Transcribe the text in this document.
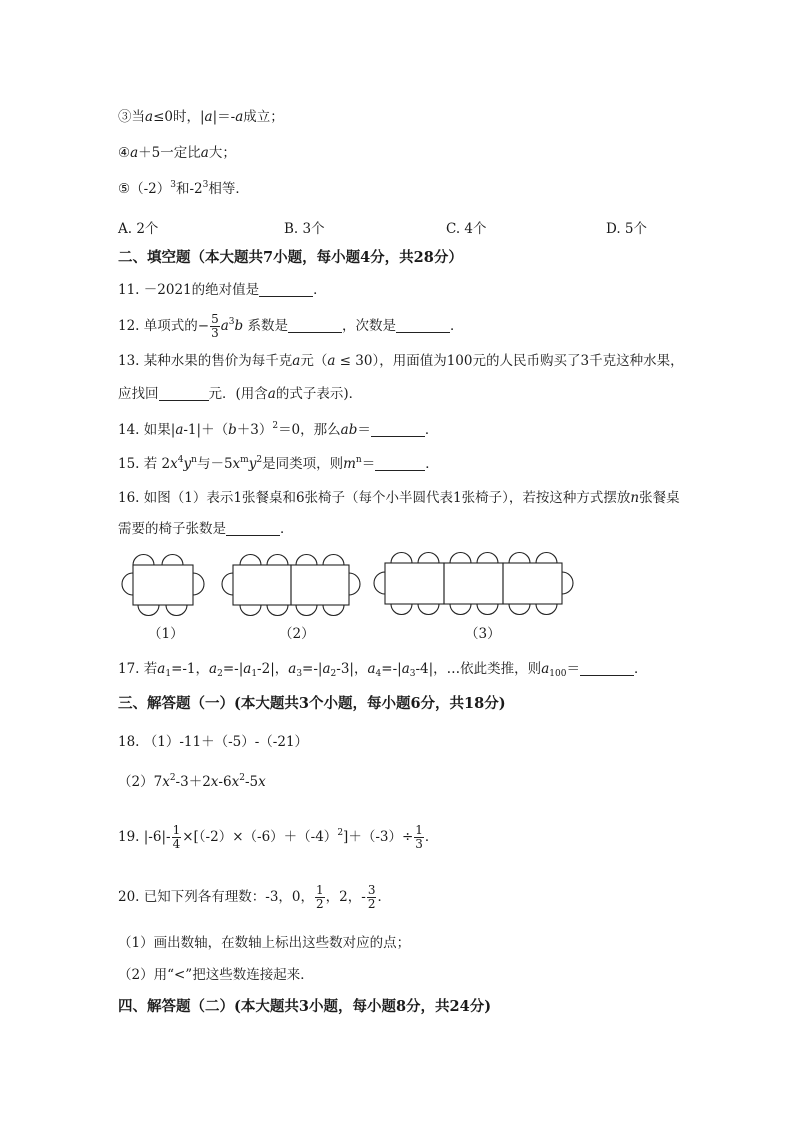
③当a≤0时，|a|＝-a成立；
④a＋5一定比a大；
$⑤(-2)^3$和$-2^3$相等．
A. 2个	B. 3个	C. 4个	D. 5个
二、填空题（本大题共7小题，每小题4分，共28分）
11. －2021的绝对值是	．
12. 单项式的− $\frac{5}{3} a^3b$ 系数是	，次数是	．
13. 某种水果的售价为每千克a元（a ≤ 30），用面值为100元的人民币购买了3千克这种水果，
应找回	元．(用含a的式子表示)．
14. 如果$|a-1|+(b+3)^2=0$，那么ab＝	．
15. 若 $2x^4y^n$与$-5x^my^2$是同类项，则$m^n=$	．
16. 如图（1）表示1张餐桌和6张椅子（每个小半圆代表1张椅子），若按这种方式摆放n张餐桌
需要的椅子张数是	．
（1）	（2）	（3）
17. 若$a_1=-1$，$a_2=-|a_1-2|$，$a_3=-|a_2-3|$，$a_4=-|a_3-4|$，…依此类推，则$a_{100}=$	．
三、解答题（一）(本大题共3个小题，每小题6分，共18分)
18. （1）-11＋（-5）-（-21）
$(2)7x^2-3+2x-6x^2-5x$
19. $|-6|- \frac{1}{4} \times[(-2)\times(-6)+(-4)^2]+(-3)\div \frac{1}{3}$ ．
20. 已知下列各有理数：-3，0， $\frac{1}{2}$ ，2，- $\frac{3}{2}$ ．
（1）画出数轴，在数轴上标出这些数对应的点；
（2）用“<”把这些数连接起来．
四、解答题（二）(本大题共3小题，每小题8分，共24分)
